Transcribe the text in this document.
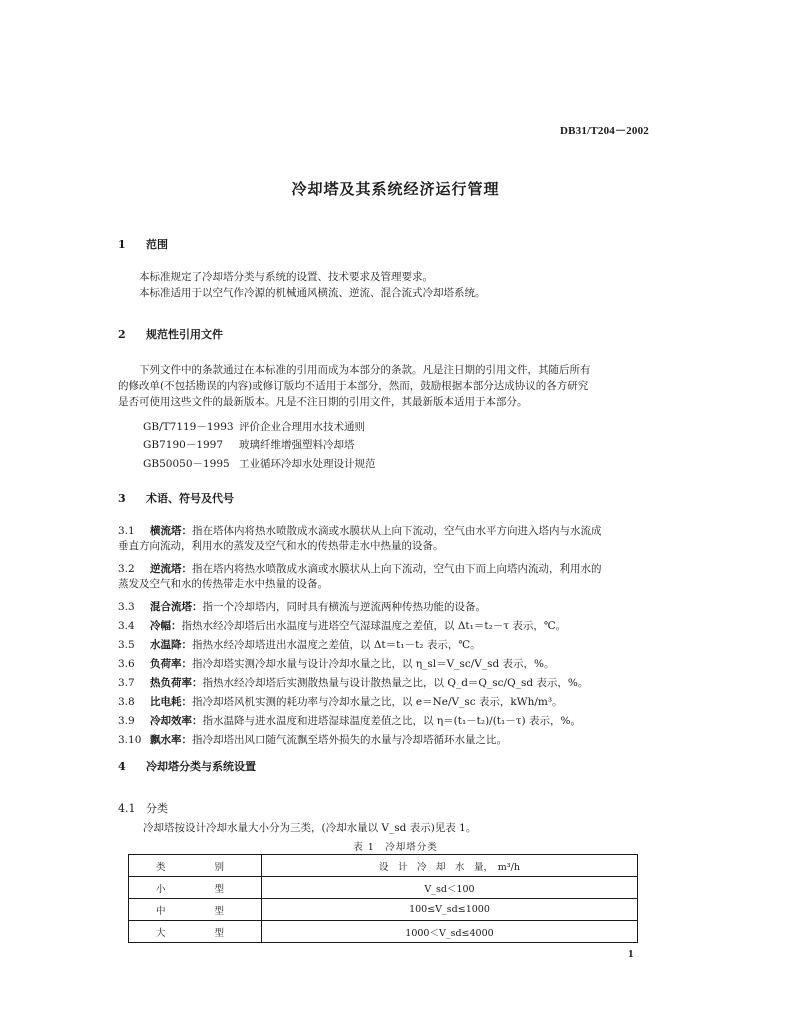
DB31/T204－2002
冷却塔及其系统经济运行管理
1 范围
本标准规定了冷却塔分类与系统的设置、技术要求及管理要求。
本标准适用于以空气作冷源的机械通风横流、逆流、混合流式冷却塔系统。
2 规范性引用文件
下列文件中的条款通过在本标准的引用而成为本部分的条款。凡是注日期的引用文件，其随后所有
的修改单(不包括勘误的内容)或修订版均不适用于本部分，然而，鼓励根据本部分达成协议的各方研究
是否可使用这些文件的最新版本。凡是不注日期的引用文件，其最新版本适用于本部分。
GB/T7119－1993 评价企业合理用水技术通则
GB7190－1997 玻璃纤维增强塑料冷却塔
GB50050－1995 工业循环冷却水处理设计规范
3 术语、符号及代号
3.1 横流塔：指在塔体内将热水喷散成水滴或水膜状从上向下流动，空气由水平方向进入塔内与水流成
垂直方向流动，利用水的蒸发及空气和水的传热带走水中热量的设备。
3.2 逆流塔：指在塔内将热水喷散成水滴或水膜状从上向下流动，空气由下而上向塔内流动，利用水的
蒸发及空气和水的传热带走水中热量的设备。
3.3 混合流塔：指一个冷却塔内，同时具有横流与逆流两种传热功能的设备。
3.4 冷幅：指热水经冷却塔后出水温度与进塔空气湿球温度之差值，以 Δt₁＝t₂－τ 表示，℃。
3.5 水温降：指热水经冷却塔进出水温度之差值，以 Δt＝t₁－t₂ 表示，℃。
3.6 负荷率：指冷却塔实测冷却水量与设计冷却水量之比，以 η_sl＝V_sc/V_sd 表示，%。
3.7 热负荷率：指热水经冷却塔后实测散热量与设计散热量之比，以 Q_d＝Q_sc/Q_sd 表示，%。
3.8 比电耗：指冷却塔风机实测的耗功率与冷却水量之比，以 e＝Ne/V_sc 表示，kWh/m³。
3.9 冷却效率：指水温降与进水温度和进塔湿球温度差值之比，以 η＝(t₁－t₂)/(t₁－τ) 表示，%。
3.10 飘水率：指冷却塔出风口随气流飘至塔外损失的水量与冷却塔循环水量之比。
4 冷却塔分类与系统设置
4.1 分类
冷却塔按设计冷却水量大小分为三类，(冷却水量以 V_sd 表示)见表 1。
表 1　冷却塔分类
类　　别	设　计　冷　却　水　量，　m³/h
小　　型	V_sd＜100
中　　型	100≤V_sd≤1000
大　　型	1000＜V_sd≤4000
1
